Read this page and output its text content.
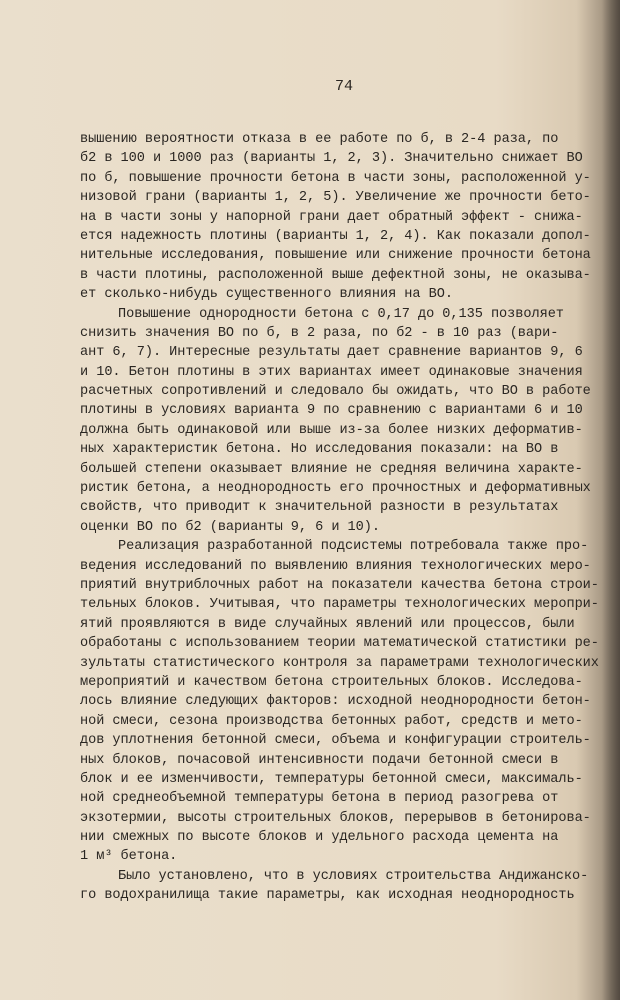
74
вышению вероятности отказа в ее работе по б, в 2-4 раза, по
б2 в 100 и 1000 раз (варианты 1, 2, 3). Значительно снижает ВО
по б, повышение прочности бетона в части зоны, расположенной у-
низовой грани (варианты 1, 2, 5). Увеличение же прочности бето-
на в части зоны у напорной грани дает обратный эффект - снижа-
ется надежность плотины (варианты 1, 2, 4). Как показали допол-
нительные исследования, повышение или снижение прочности бетона
в части плотины, расположенной выше дефектной зоны, не оказыва-
ет сколько-нибудь существенного влияния на ВО.
Повышение однородности бетона с 0,17 до 0,135 позволяет
снизить значения ВО по б, в 2 раза, по б2 - в 10 раз (вари-
ант 6, 7). Интересные результаты дает сравнение вариантов 9, 6
и 10. Бетон плотины в этих вариантах имеет одинаковые значения
расчетных сопротивлений и следовало бы ожидать, что ВО в работе
плотины в условиях варианта 9 по сравнению с вариантами 6 и 10
должна быть одинаковой или выше из-за более низких деформатив-
ных характеристик бетона. Но исследования показали: на ВО в
большей степени оказывает влияние не средняя величина характе-
ристик бетона, а неоднородность его прочностных и деформативных
свойств, что приводит к значительной разности в результатах
оценки ВО по б2 (варианты 9, 6 и 10).
Реализация разработанной подсистемы потребовала также про-
ведения исследований по выявлению влияния технологических меро-
приятий внутриблочных работ на показатели качества бетона строи-
тельных блоков. Учитывая, что параметры технологических меропри-
ятий проявляются в виде случайных явлений или процессов, были
обработаны с использованием теории математической статистики ре-
зультаты статистического контроля за параметрами технологических
мероприятий и качеством бетона строительных блоков. Исследова-
лось влияние следующих факторов: исходной неоднородности бетон-
ной смеси, сезона производства бетонных работ, средств и мето-
дов уплотнения бетонной смеси, объема и конфигурации строитель-
ных блоков, почасовой интенсивности подачи бетонной смеси в
блок и ее изменчивости, температуры бетонной смеси, максималь-
ной среднеобъемной температуры бетона в период разогрева от
экзотермии, высоты строительных блоков, перерывов в бетонирова-
нии смежных по высоте блоков и удельного расхода цемента на
1 м³ бетона.
Было установлено, что в условиях строительства Андижанско-
го водохранилища такие параметры, как исходная неоднородность
